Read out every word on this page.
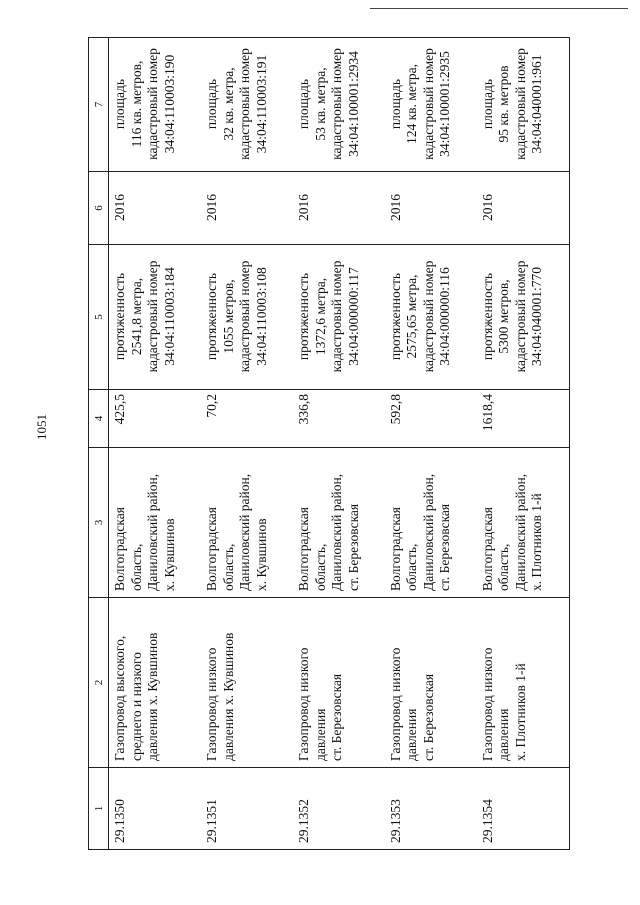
1051
1	2	3	4	5	6	7
29.1350	Газопровод высокого, среднего и низкого давления х. Кувшинов	Волгоградская область, Даниловский район, х. Кувшинов	425,5	протяженность 2541,8 метра, кадастровый номер 34:04:110003:184	2016	площадь 116 кв. метров, кадастровый номер 34:04:110003:190

29.1351	Газопровод низкого давления х. Кувшинов	Волгоградская область, Даниловский район, х. Кувшинов	70,2	протяженность 1055 метров, кадастровый номер 34:04:110003:108	2016	площадь 32 кв. метра, кадастровый номер 34:04:110003:191

29.1352	Газопровод низкого давления ст. Березовская	Волгоградская область, Даниловский район, ст. Березовская	336,8	протяженность 1372,6 метра, кадастровый номер 34:04:000000:117	2016	площадь 53 кв. метра, кадастровый номер 34:04:100001:2934

29.1353	Газопровод низкого давления ст. Березовская	Волгоградская область, Даниловский район, ст. Березовская	592,8	протяженность 2575,65 метра, кадастровый номер 34:04:000000:116	2016	площадь 124 кв. метра, кадастровый номер 34:04:100001:2935

29.1354	Газопровод низкого давления х. Плотников 1-й	Волгоградская область, Даниловский район, х. Плотников 1-й	1618,4	протяженность 5300 метров, кадастровый номер 34:04:040001:770	2016	площадь 95 кв. метров кадастровый номер 34:04:040001:961
